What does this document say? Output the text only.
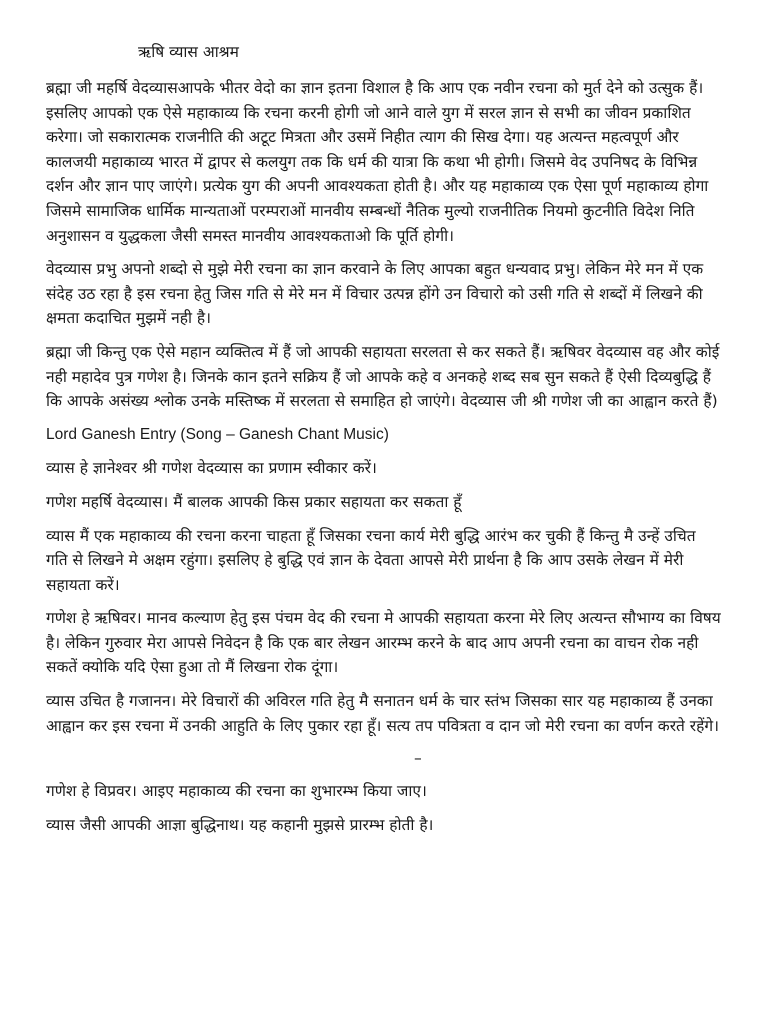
ऋषि व्यास आश्रम

ब्रह्मा जी महर्षि वेदव्यासआपके भीतर वेदो का ज्ञान इतना विशाल है कि आप एक नवीन रचना को मुर्त देने को उत्सुक हैं। इसलिए आपको एक ऐसे महाकाव्य कि रचना करनी होगी जो आने वाले युग में सरल ज्ञान से सभी का जीवन प्रकाशित करेगा। जो सकारात्मक राजनीति की अटूट मित्रता और उसमें निहीत त्याग की सिख देगा। यह अत्यन्त महत्वपूर्ण और कालजयी महाकाव्य भारत में द्वापर से कलयुग तक कि धर्म की यात्रा कि कथा भी होगी। जिसमे वेद उपनिषद के विभिन्न दर्शन और ज्ञान पाए जाएंगे। प्रत्येक युग की अपनी आवश्यकता होती है। और यह महाकाव्य एक ऐसा पूर्ण महाकाव्य होगा जिसमे सामाजिक धार्मिक मान्यताओं परम्पराओं मानवीय सम्बन्धों नैतिक मुल्यो राजनीतिक नियमो कुटनीति विदेश निति अनुशासन व युद्धकला जैसी समस्त मानवीय आवश्यकताओ कि पूर्ति होगी।

वेदव्यास प्रभु अपनो शब्दो से मुझे मेरी रचना का ज्ञान करवाने के लिए आपका बहुत धन्यवाद प्रभु। लेकिन मेरे मन में एक संदेह उठ रहा है इस रचना हेतु जिस गति से मेरे मन में विचार उत्पन्न होंगे उन विचारो को उसी गति से शब्दों में लिखने की क्षमता कदाचित मुझमें नही है।

ब्रह्मा जी किन्तु एक ऐसे महान व्यक्तित्व में हैं जो आपकी सहायता सरलता से कर सकते हैं। ऋषिवर वेदव्यास वह और कोई नही महादेव पुत्र गणेश है। जिनके कान इतने सक्रिय हैं जो आपके कहे व अनकहे शब्द सब सुन सकते हैं ऐसी दिव्यबुद्धि हैं कि आपके असंख्य श्लोक उनके मस्तिष्क में सरलता से समाहित हो जाएंगे। वेदव्यास जी श्री गणेश जी का आह्वान करते हैं)

Lord Ganesh Entry (Song – Ganesh Chant Music)

व्यास हे ज्ञानेश्वर श्री गणेश वेदव्यास का प्रणाम स्वीकार करें।

गणेश महर्षि वेदव्यास। मैं बालक आपकी किस प्रकार सहायता कर सकता हूँ

व्यास मैं एक महाकाव्य की रचना करना चाहता हूँ जिसका रचना कार्य मेरी बुद्धि आरंभ कर चुकी हैं किन्तु मै उन्हें उचित गति से लिखने मे अक्षम रहुंगा। इसलिए हे बुद्धि एवं ज्ञान के देवता आपसे मेरी प्रार्थना है कि आप उसके लेखन में मेरी सहायता करें।

गणेश हे ऋषिवर। मानव कल्याण हेतु इस पंचम वेद की रचना मे आपकी सहायता करना मेरे लिए अत्यन्त सौभाग्य का विषय है। लेकिन गुरुवार मेरा आपसे निवेदन है कि एक बार लेखन आरम्भ करने के बाद आप अपनी रचना का वाचन रोक नही सकतें क्योकि यदि ऐसा हुआ तो मैं लिखना रोक दूंगा।

व्यास उचित है गजानन। मेरे विचारों की अविरल गति हेतु मै सनातन धर्म के चार स्तंभ जिसका सार यह महाकाव्य हैं उनका आह्वान कर इस रचना में उनकी आहुति के लिए पुकार रहा हूँ। सत्य तप पवित्रता व दान जो मेरी रचना का वर्णन करते रहेंगे।

–

गणेश हे विप्रवर। आइए महाकाव्य की रचना का शुभारम्भ किया जाए।

व्यास जैसी आपकी आज्ञा बुद्धिनाथ। यह कहानी मुझसे प्रारम्भ होती है।
